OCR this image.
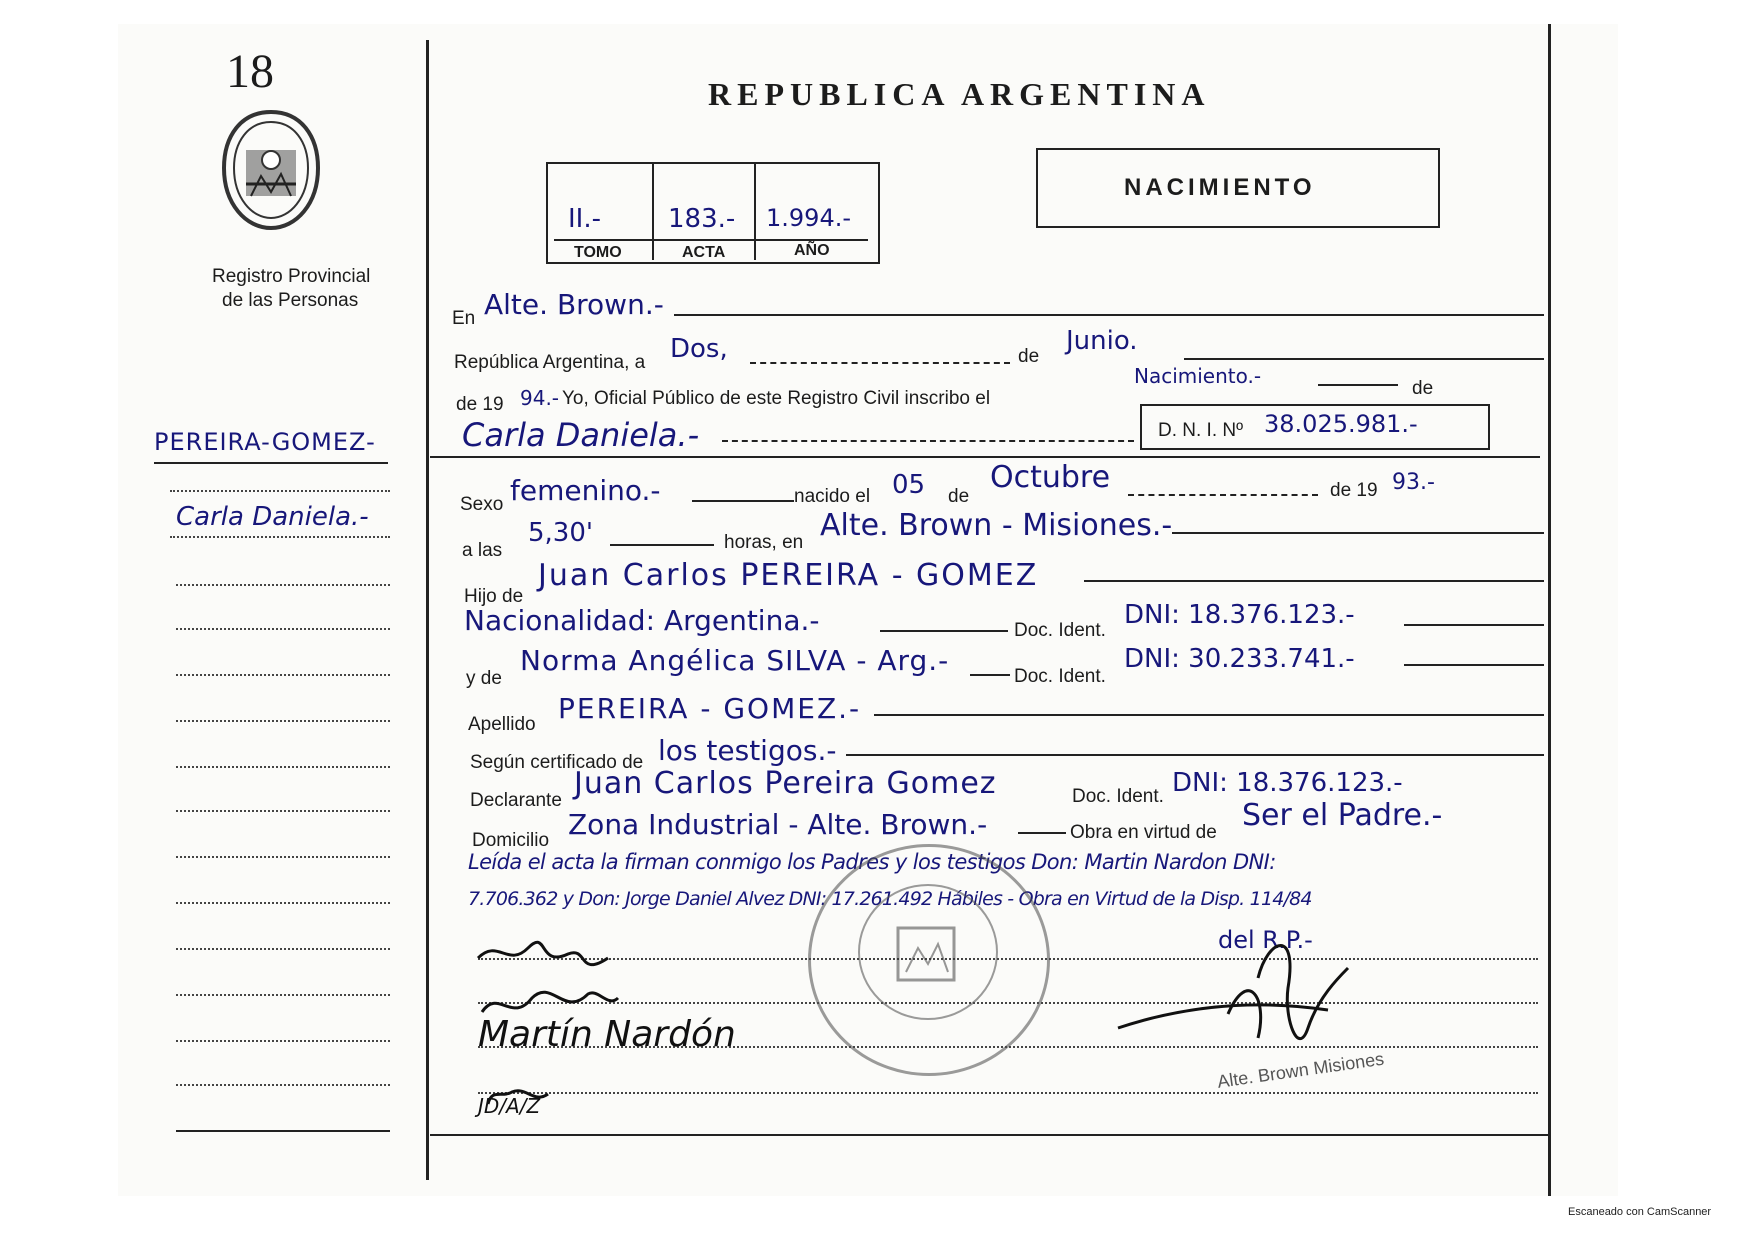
18
Registro Provincial
de las Personas
PEREIRA-GOMEZ-
Carla Daniela.-
REPUBLICA ARGENTINA
II.-	183.- 1.994.-
TOMO	ACTA	AÑO
NACIMIENTO
En Alte. Brown.-
República Argentina, a Dos,	de
Junio.
de 19 94.- Yo, Oficial Público de este Registro Civil inscribo el
Nacimiento.-
de
Carla Daniela.-	D. N. I. Nº 38.025.981.-
Sexo femenino.-	nacido el 05 de
Octubre	de 19 93.-
a las
5,30'	horas, en Alte. Brown - Misiones.-
Hijo de
Juan Carlos PEREIRA - GOMEZ
Nacionalidad: Argentina.-	Doc. Ident.
DNI: 18.376.123.-
y de
Norma Angélica SILVA - Arg.-	Doc. Ident.
DNI: 30.233.741.-
Apellido PEREIRA - GOMEZ.-
Según certificado de los testigos.-
Declarante Juan Carlos Pereira Gomez	Doc. Ident. DNI: 18.376.123.-
Domicilio Zona Industrial - Alte. Brown.-	Obra en virtud de Ser el Padre.-
Leída el acta la firman conmigo los Padres y los testigos Don: Martin Nardon DNI:
7.706.362 y Don: Jorge Daniel Alvez DNI: 17.261.492 Hábiles - Obra en Virtud de la Disp. 114/84
del R.P.-
Martín Nardón
JD/A/Z
Alte. Brown Misiones
Escaneado con CamScanner
